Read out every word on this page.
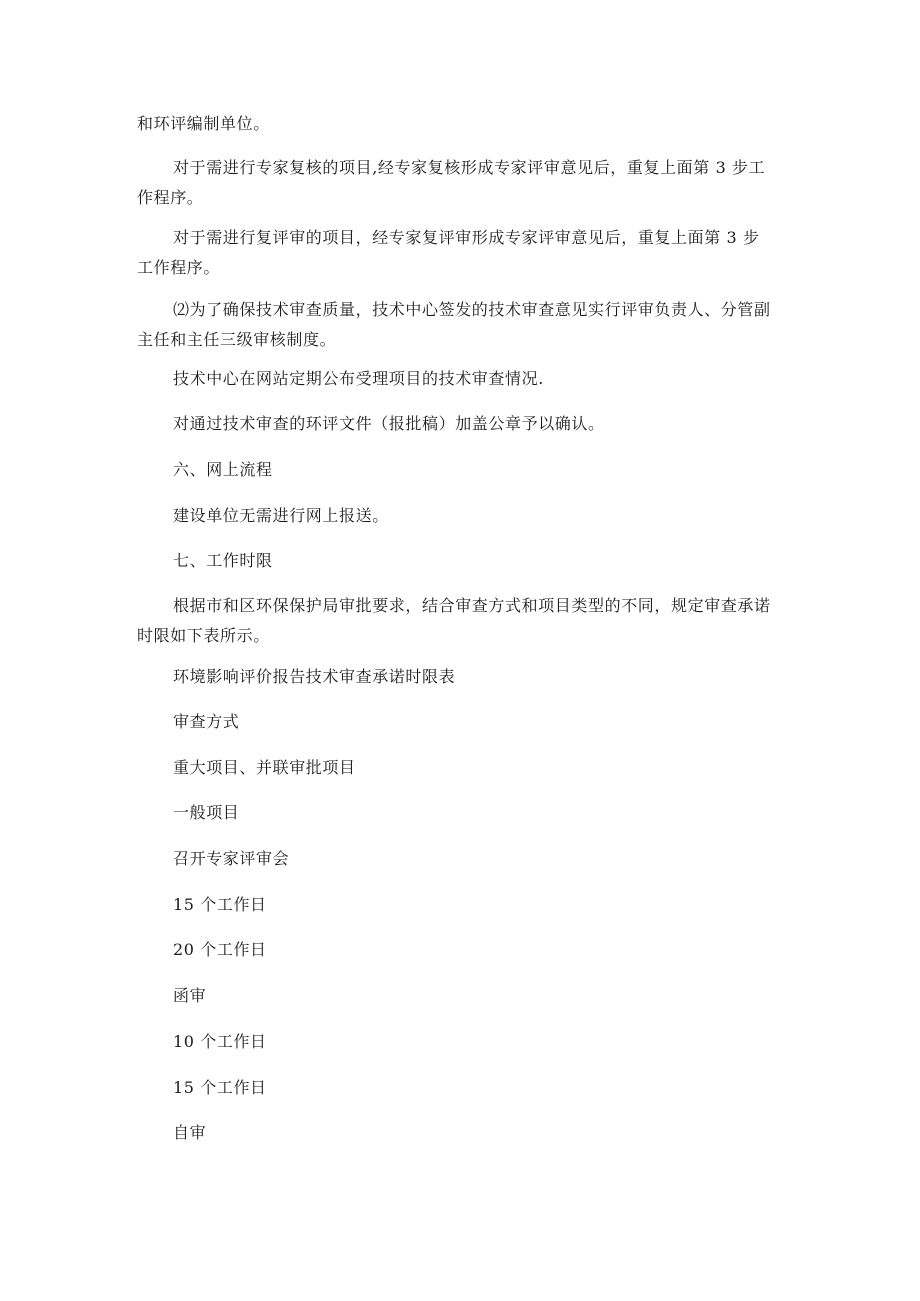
和环评编制单位。

对于需进行专家复核的项目,经专家复核形成专家评审意见后，重复上面第 3 步工作程序。

对于需进行复评审的项目，经专家复评审形成专家评审意见后，重复上面第 3 步工作程序。

⑵为了确保技术审查质量，技术中心签发的技术审查意见实行评审负责人、分管副主任和主任三级审核制度。

技术中心在网站定期公布受理项目的技术审查情况.

对通过技术审查的环评文件（报批稿）加盖公章予以确认。

六、网上流程

建设单位无需进行网上报送。

七、工作时限

根据市和区环保保护局审批要求，结合审查方式和项目类型的不同，规定审查承诺时限如下表所示。

环境影响评价报告技术审查承诺时限表

审查方式

重大项目、并联审批项目

一般项目

召开专家评审会

15 个工作日

20 个工作日

函审

10 个工作日

15 个工作日

自审
